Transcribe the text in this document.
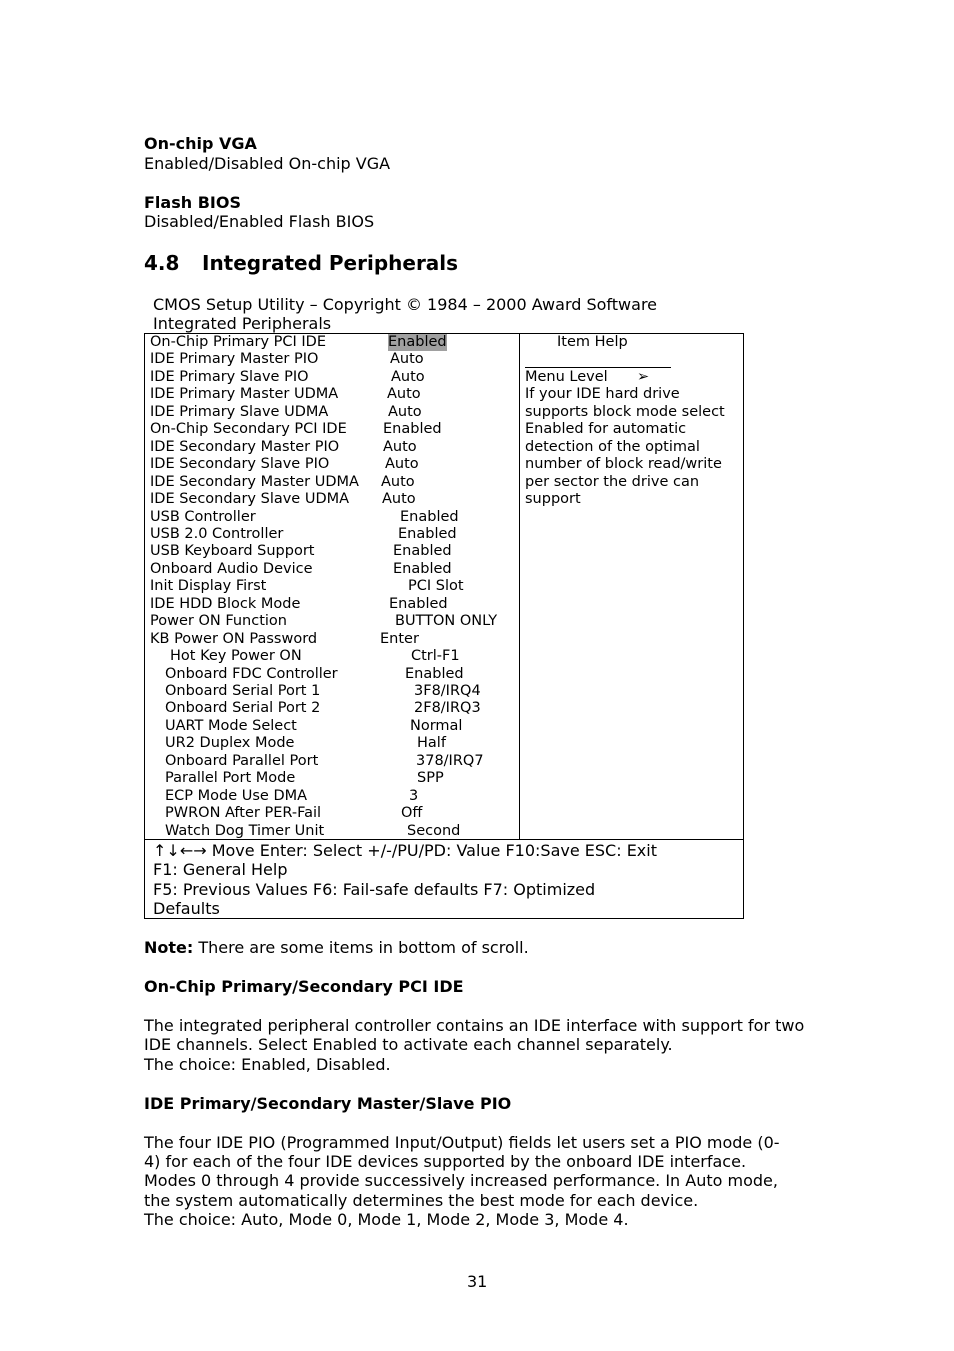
On-chip VGA
Enabled/Disabled On-chip VGA
Flash BIOS
Disabled/Enabled Flash BIOS
4.8 Integrated Peripherals
CMOS Setup Utility – Copyright © 1984 – 2000 Award Software
Integrated Peripherals
On-Chip Primary PCI IDE	Enabled
IDE Primary Master PIO	Auto
IDE Primary Slave PIO	Auto
IDE Primary Master UDMA	Auto
IDE Primary Slave UDMA	Auto
On-Chip Secondary PCI IDE	Enabled
IDE Secondary Master PIO	Auto
IDE Secondary Slave PIO	Auto
IDE Secondary Master UDMA Auto
IDE Secondary Slave UDMA Auto
USB Controller	Enabled
USB 2.0 Controller	Enabled
USB Keyboard Support	Enabled
Onboard Audio Device	Enabled
Init Display First	PCI Slot
IDE HDD Block Mode	Enabled
Power ON Function	BUTTON ONLY
KB Power ON Password	Enter
Hot Key Power ON	Ctrl-F1
Onboard FDC Controller	Enabled
Onboard Serial Port 1	3F8/IRQ4
Onboard Serial Port 2	2F8/IRQ3
UART Mode Select	Normal
UR2 Duplex Mode	Half
Onboard Parallel Port	378/IRQ7
Parallel Port Mode	SPP
ECP Mode Use DMA	3
PWRON After PER-Fail	Off
Watch Dog Timer Unit	Second
Item Help
Menu Level ➢
If your IDE hard drive
supports block mode select
Enabled for automatic
detection of the optimal
number of block read/write
per sector the drive can
support
↑↓←→ Move Enter: Select +/-/PU/PD: Value F10:Save ESC: Exit
F1: General Help
F5: Previous Values F6: Fail-safe defaults F7: Optimized
Defaults
Note: There are some items in bottom of scroll.
On-Chip Primary/Secondary PCI IDE
The integrated peripheral controller contains an IDE interface with support for two
IDE channels. Select Enabled to activate each channel separately.
The choice: Enabled, Disabled.
IDE Primary/Secondary Master/Slave PIO
The four IDE PIO (Programmed Input/Output) fields let users set a PIO mode (0-
4) for each of the four IDE devices supported by the onboard IDE interface.
Modes 0 through 4 provide successively increased performance. In Auto mode,
the system automatically determines the best mode for each device.
The choice: Auto, Mode 0, Mode 1, Mode 2, Mode 3, Mode 4.
31
